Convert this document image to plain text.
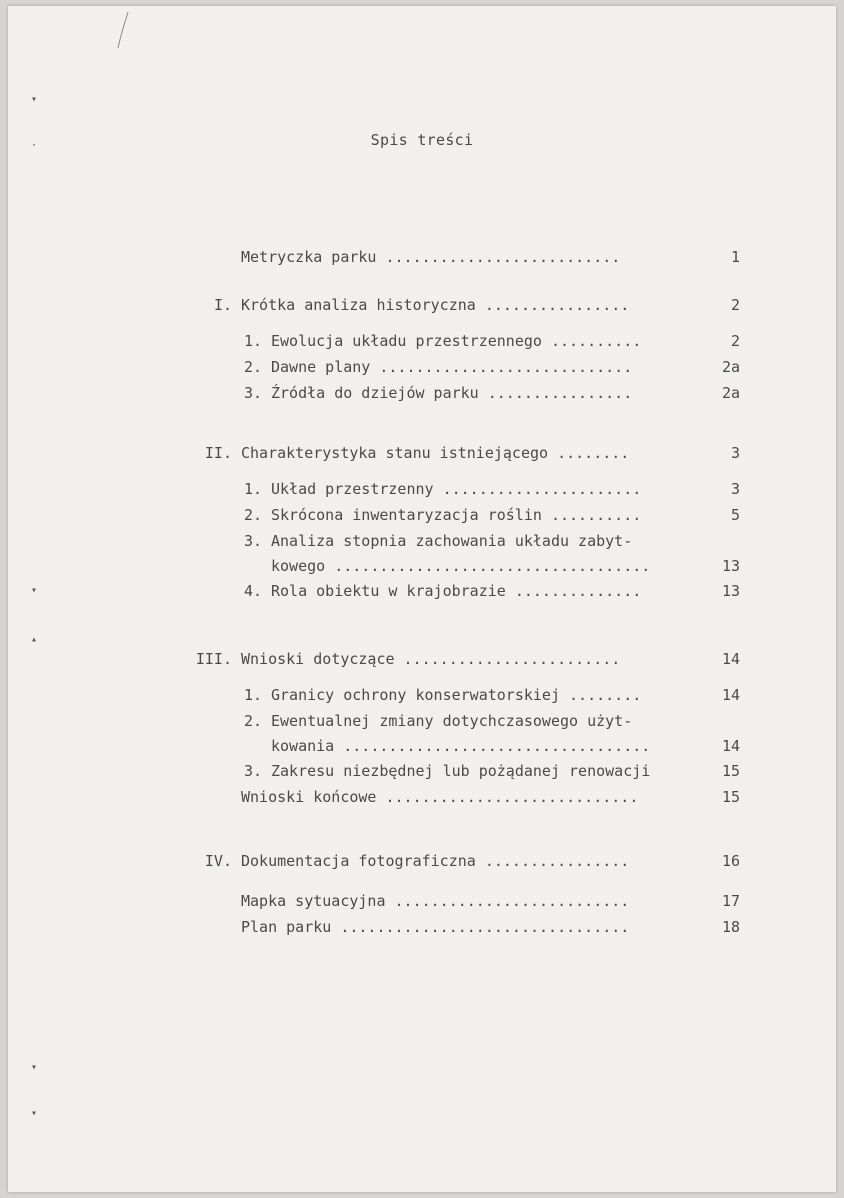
▾
·
▾
▴
▾
▾
Spis treści
Metryczka parku ..........................	1
I. Krótka analiza historyczna ................	2
1. Ewolucja układu przestrzennego ..........	2
2. Dawne plany ............................	2a
3. Źródła do dziejów parku ................	2a
II. Charakterystyka stanu istniejącego ........	3
1. Układ przestrzenny ......................	3
2. Skrócona inwentaryzacja roślin ..........	5
3. Analiza stopnia zachowania układu zabyt-
kowego ...................................	13
4. Rola obiektu w krajobrazie ..............	13
III. Wnioski dotyczące ........................	14
1. Granicy ochrony konserwatorskiej ........	14
2. Ewentualnej zmiany dotychczasowego użyt-
kowania ..................................	14
3. Zakresu niezbędnej lub pożądanej renowacji	15
Wnioski końcowe ............................	15
IV. Dokumentacja fotograficzna ................	16
Mapka sytuacyjna ..........................	17
Plan parku ................................	18
